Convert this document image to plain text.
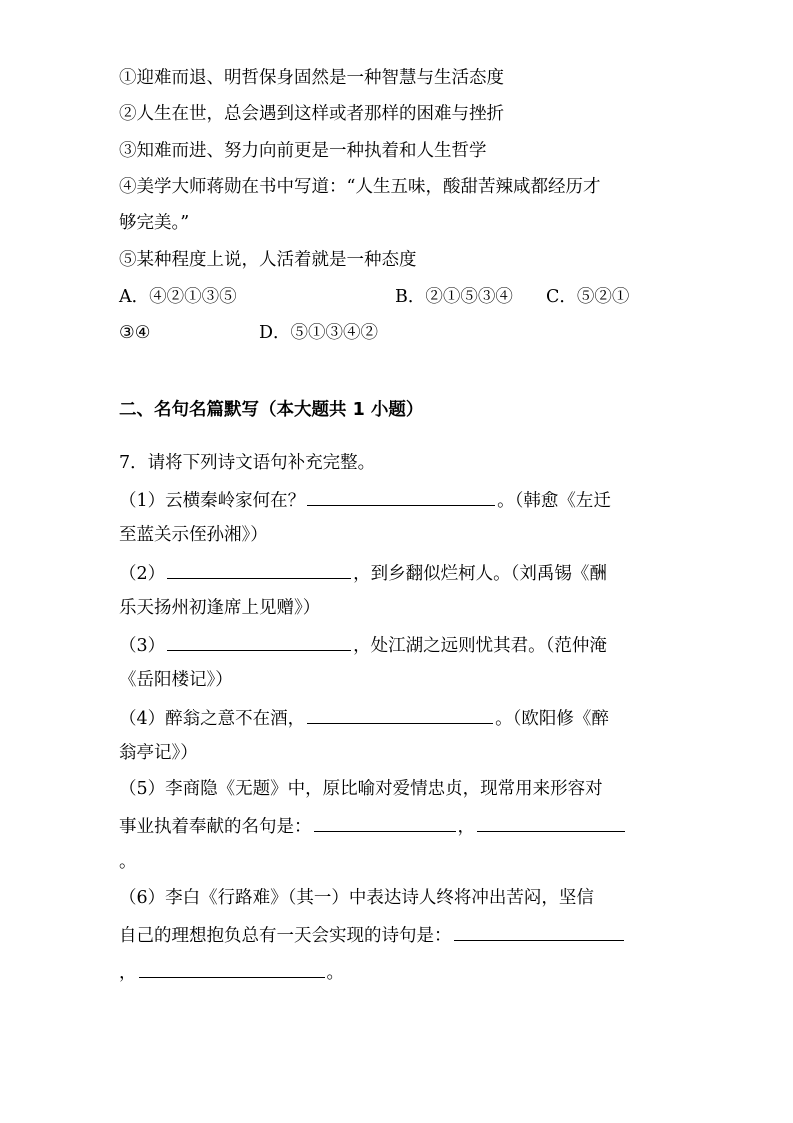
①迎难而退、明哲保身固然是一种智慧与生活态度
②人生在世，总会遇到这样或者那样的困难与挫折
③知难而进、努力向前更是一种执着和人生哲学
④美学大师蒋勋在书中写道：“人生五味，酸甜苦辣咸都经历才
够完美。”
⑤某种程度上说，人活着就是一种态度
A．④②①③⑤	B．②①⑤③④ C．⑤②①
③④	D．⑤①③④②
二、名句名篇默写（本大题共 1 小题）
7．请将下列诗文语句补充完整。
（1）云横秦岭家何在？	。（韩愈《左迁
至蓝关示侄孙湘》）
（2）	，到乡翻似烂柯人。（刘禹锡《酬
乐天扬州初逢席上见赠》）
（3）	，处江湖之远则忧其君。（范仲淹
《岳阳楼记》）
（4）醉翁之意不在酒，	。（欧阳修《醉
翁亭记》）
（5）李商隐《无题》中，原比喻对爱情忠贞，现常用来形容对
事业执着奉献的名句是：	，
。
（6）李白《行路难》（其一）中表达诗人终将冲出苦闷，坚信
自己的理想抱负总有一天会实现的诗句是：
，	。
